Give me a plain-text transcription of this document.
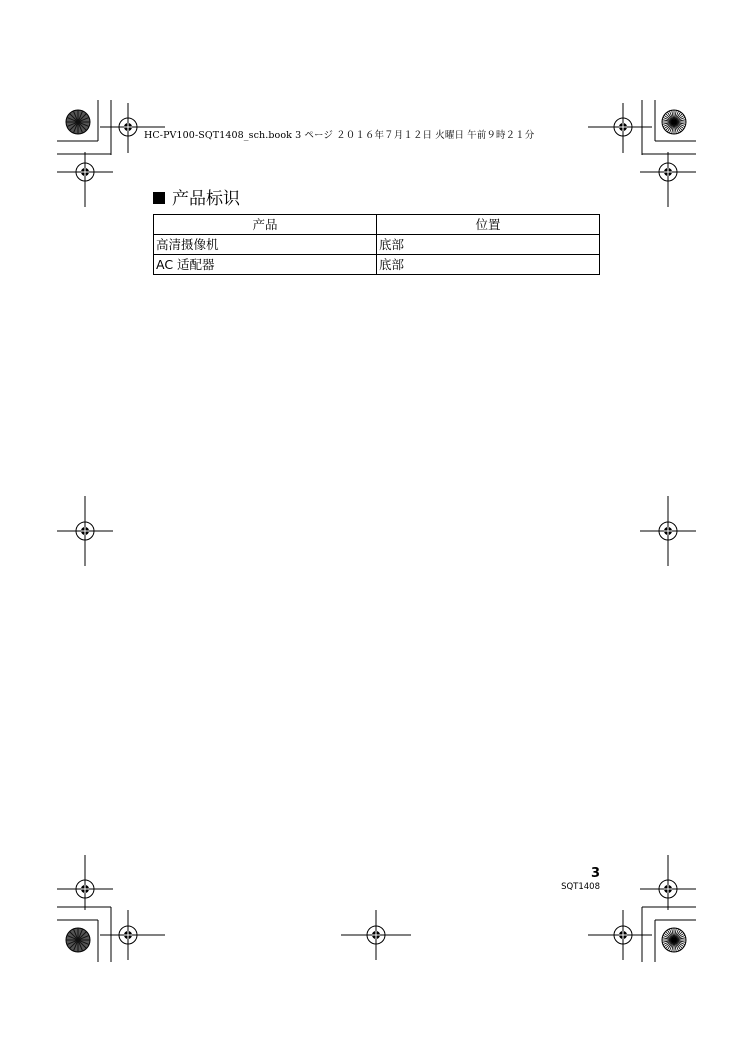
HC-PV100-SQT1408_sch.book 3 ページ ２０１６年７月１２日 火曜日 午前９時２１分
产品标识
产品	位置
高清摄像机	底部
AC 适配器	底部
3
SQT1408
